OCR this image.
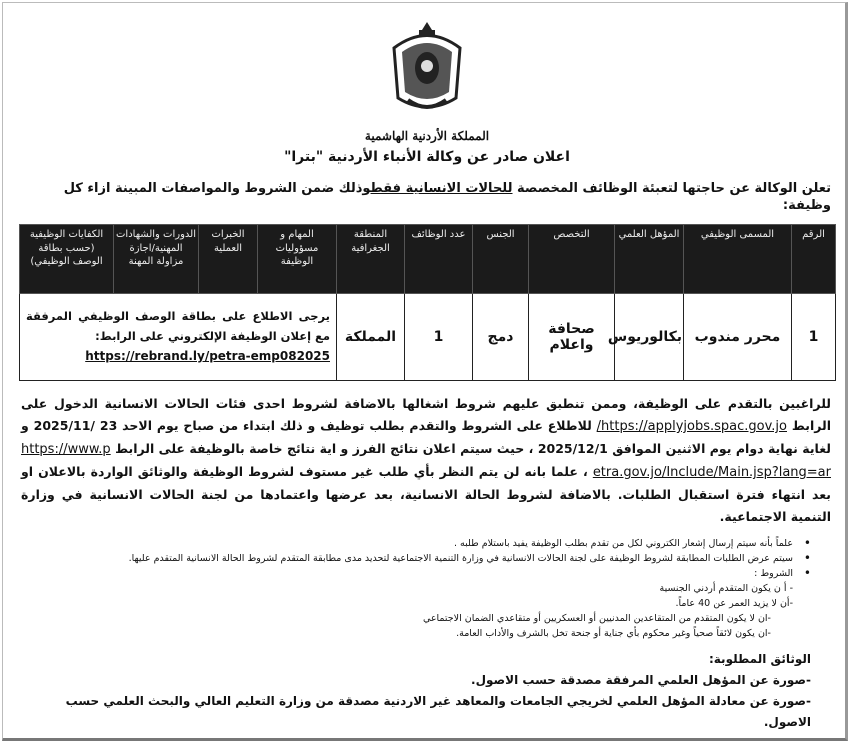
المملكة الأردنية الهاشمية
اعلان صادر عن وكالة الأنباء الأردنية "بترا"
تعلن الوكالة عن حاجتها لتعبئة الوظائف المخصصة للحالات الانسانية فقطوذلك ضمن الشروط والمواصفات المبينة ازاء كل وظيفة:
الرقم	المسمى الوظيفي	المؤهل العلمي	التخصص	الجنس	عدد الوظائف	المنطقة الجغرافية	المهام و مسؤوليات الوظيفة	الخبرات العملية	الدورات والشهادات المهنية/اجازة مزاولة المهنة	الكفايات الوظيفية (حسب بطاقة الوصف الوظيفي)
1	محرر مندوب	بكالوريوس	صحافة واعلام	دمج	1	المملكة	يرجى الاطلاع على بطاقة الوصف الوظيفي المرفقة مع إعلان الوظيفة الإلكتروني على الرابط:
https://rebrand.ly/petra-emp082025			
للراغبين بالتقدم على الوظيفة، وممن تنطبق عليهم شروط اشغالها بالاضافة لشروط احدى فئات الحالات الانسانية الدخول على الرابط https://applyjobs.spac.gov.jo/ للاطلاع على الشروط والتقدم بطلب توظيف و ذلك ابتداء من صباح يوم الاحد 23 /2025/11 و لغاية نهاية دوام يوم الاثنين الموافق 2025/12/1 ، حيث سيتم اعلان نتائج الفرز و اية نتائج خاصة بالوظيفة على الرابط https://www.petra.gov.jo/Include/Main.jsp?lang=ar ، علما بانه لن يتم النظر بأي طلب غير مستوف لشروط الوظيفة والوثائق الواردة بالاعلان او بعد انتهاء فترة استقبال الطلبات. بالاضافة لشروط الحالة الانسانية، بعد عرضها واعتمادها من لجنة الحالات الانسانية في وزارة التنمية الاجتماعية.
• علماً بأنه سيتم إرسال إشعار الكتروني لكل من تقدم بطلب الوظيفة يفيد باستلام طلبه .
• سيتم عرض الطلبات المطابقة لشروط الوظيفة على لجنة الحالات الانسانية في وزارة التنمية الاجتماعية لتحديد مدى مطابقة المتقدم لشروط الحالة الانسانية المتقدم عليها.
• الشروط :
- أ ن يكون المتقدم أردني الجنسية
-أن لا يزيد العمر عن 40 عاماً.
-ان لا يكون المتقدم من المتقاعدين المدنيين أو العسكريين أو متقاعدي الضمان الاجتماعي
-ان يكون لائقاً صحياً وغير محكوم بأي جناية أو جنحة تخل بالشرف والأداب العامة.
الوثائق المطلوبة:
-صورة عن المؤهل العلمي المرفقة مصدقة حسب الاصول.
-صورة عن معادلة المؤهل العلمي لخريجي الجامعات والمعاهد غير الاردنية مصدقة من وزارة التعليم العالي والبحث العلمي حسب الاصول.
